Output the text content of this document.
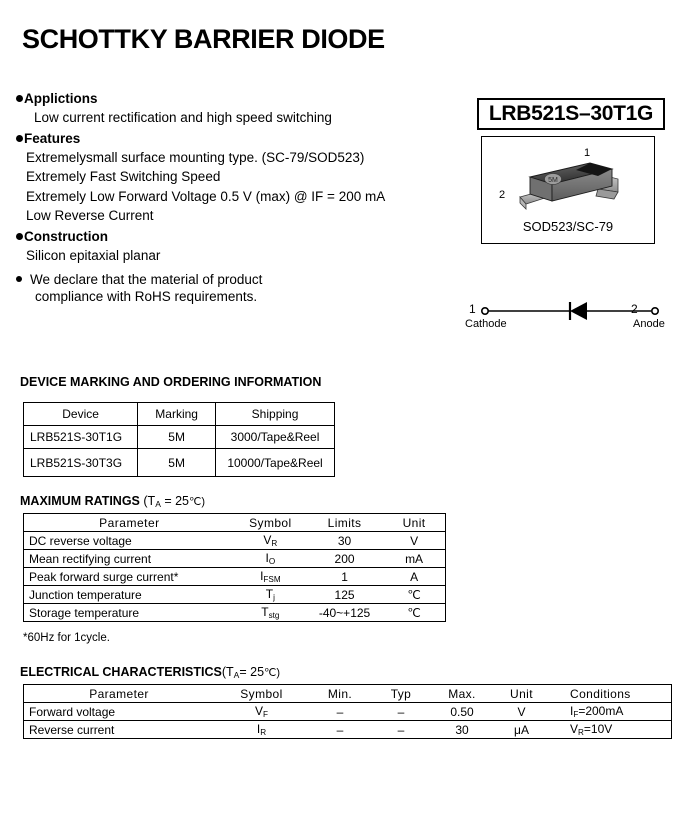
SCHOTTKY BARRIER DIODE
Applictions
Low current rectification and high speed switching
Features
Extremelysmall surface mounting type. (SC-79/SOD523)
Extremely Fast Switching Speed
Extremely Low Forward Voltage 0.5 V (max) @ IF = 200 mA
Low Reverse Current
Construction
Silicon epitaxial planar
We declare that the material of product
compliance with RoHS requirements.
LRB521S–30T1G
1
2
5M
SOD523/SC-79
1	2
Cathode	Anode
DEVICE MARKING AND ORDERING INFORMATION
Device	Marking	Shipping
LRB521S-30T1G	5M	3000/Tape&Reel
LRB521S-30T3G	5M	10000/Tape&Reel
MAXIMUM RATINGS ($T_A$ = 25℃)
Parameter	Symbol	Limits	Unit
DC reverse voltage	$V_R$	30	V
Mean rectifying current	$I_O$	200	mA
Peak forward surge current*	$I_{FSM}$	1	A
Junction temperature	$T_j$	125	℃
Storage temperature	$T_{stg}$	-40~+125	℃
*60Hz for 1cycle.
ELECTRICAL $CHARACTERISTICS(T_A=$ 25℃)
Parameter	Symbol	Min.	Typ	Max.	Unit	Conditions
Forward voltage	$V_F$	–	–	0.50	V	$I_F=200mA$
Reverse current	$I_R$	–	–	30	μA	$V_R=10V$
